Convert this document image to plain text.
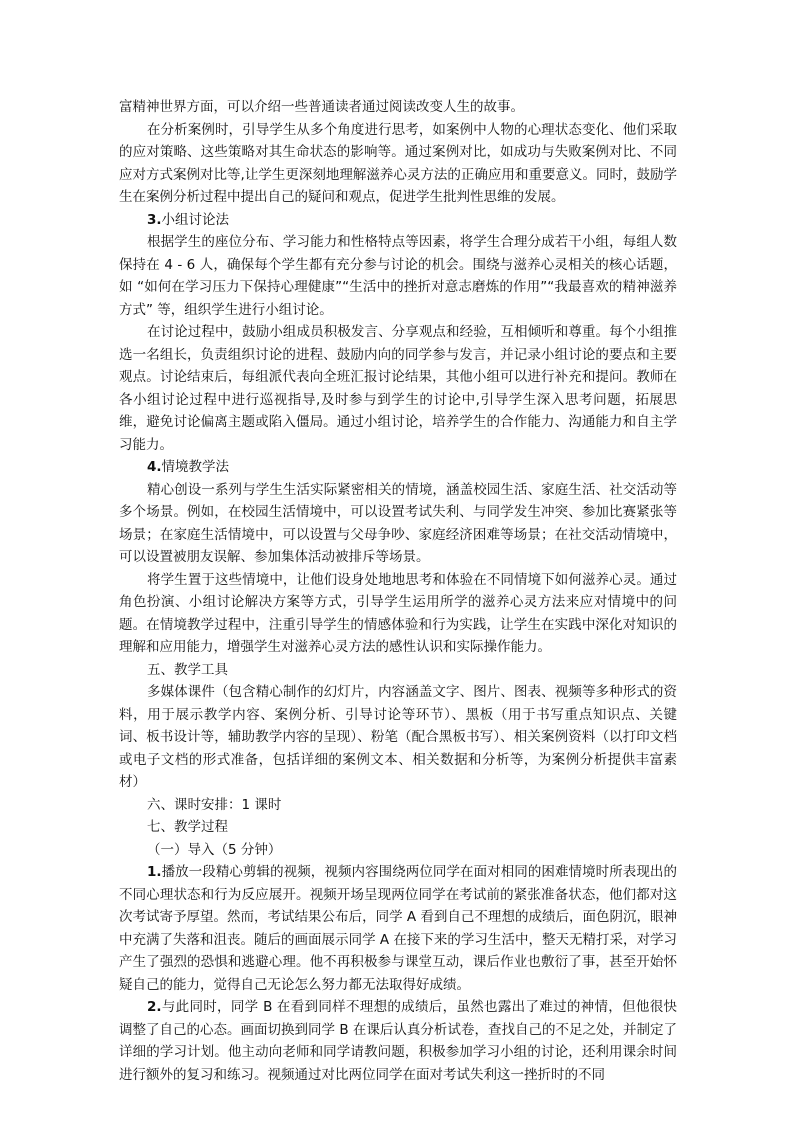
富精神世界方面，可以介绍一些普通读者通过阅读改变人生的故事。

在分析案例时，引导学生从多个角度进行思考，如案例中人物的心理状态变化、他们采取的应对策略、这些策略对其生命状态的影响等。通过案例对比，如成功与失败案例对比、不同应对方式案例对比等,让学生更深刻地理解滋养心灵方法的正确应用和重要意义。同时，鼓励学生在案例分析过程中提出自己的疑问和观点，促进学生批判性思维的发展。

3.小组讨论法

根据学生的座位分布、学习能力和性格特点等因素，将学生合理分成若干小组，每组人数保持在 4 - 6 人，确保每个学生都有充分参与讨论的机会。围绕与滋养心灵相关的核心话题，如 “如何在学习压力下保持心理健康”“生活中的挫折对意志磨炼的作用”“我最喜欢的精神滋养方式” 等，组织学生进行小组讨论。

在讨论过程中，鼓励小组成员积极发言、分享观点和经验，互相倾听和尊重。每个小组推选一名组长，负责组织讨论的进程、鼓励内向的同学参与发言，并记录小组讨论的要点和主要观点。讨论结束后，每组派代表向全班汇报讨论结果，其他小组可以进行补充和提问。教师在各小组讨论过程中进行巡视指导,及时参与到学生的讨论中,引导学生深入思考问题，拓展思维，避免讨论偏离主题或陷入僵局。通过小组讨论，培养学生的合作能力、沟通能力和自主学习能力。

4.情境教学法

精心创设一系列与学生生活实际紧密相关的情境，涵盖校园生活、家庭生活、社交活动等多个场景。例如，在校园生活情境中，可以设置考试失利、与同学发生冲突、参加比赛紧张等场景；在家庭生活情境中，可以设置与父母争吵、家庭经济困难等场景；在社交活动情境中，可以设置被朋友误解、参加集体活动被排斥等场景。

将学生置于这些情境中，让他们设身处地地思考和体验在不同情境下如何滋养心灵。通过角色扮演、小组讨论解决方案等方式，引导学生运用所学的滋养心灵方法来应对情境中的问题。在情境教学过程中，注重引导学生的情感体验和行为实践，让学生在实践中深化对知识的理解和应用能力，增强学生对滋养心灵方法的感性认识和实际操作能力。

五、教学工具

多媒体课件（包含精心制作的幻灯片，内容涵盖文字、图片、图表、视频等多种形式的资料，用于展示教学内容、案例分析、引导讨论等环节）、黑板（用于书写重点知识点、关键词、板书设计等，辅助教学内容的呈现）、粉笔（配合黑板书写）、相关案例资料（以打印文档或电子文档的形式准备，包括详细的案例文本、相关数据和分析等，为案例分析提供丰富素材）

六、课时安排：1 课时

七、教学过程

（一）导入（5 分钟）

1.播放一段精心剪辑的视频，视频内容围绕两位同学在面对相同的困难情境时所表现出的不同心理状态和行为反应展开。视频开场呈现两位同学在考试前的紧张准备状态，他们都对这次考试寄予厚望。然而，考试结果公布后，同学 A 看到自己不理想的成绩后，面色阴沉，眼神中充满了失落和沮丧。随后的画面展示同学 A 在接下来的学习生活中，整天无精打采，对学习产生了强烈的恐惧和逃避心理。他不再积极参与课堂互动，课后作业也敷衍了事，甚至开始怀疑自己的能力，觉得自己无论怎么努力都无法取得好成绩。

2.与此同时，同学 B 在看到同样不理想的成绩后，虽然也露出了难过的神情，但他很快调整了自己的心态。画面切换到同学 B 在课后认真分析试卷，查找自己的不足之处，并制定了详细的学习计划。他主动向老师和同学请教问题，积极参加学习小组的讨论，还利用课余时间进行额外的复习和练习。视频通过对比两位同学在面对考试失利这一挫折时的不同
